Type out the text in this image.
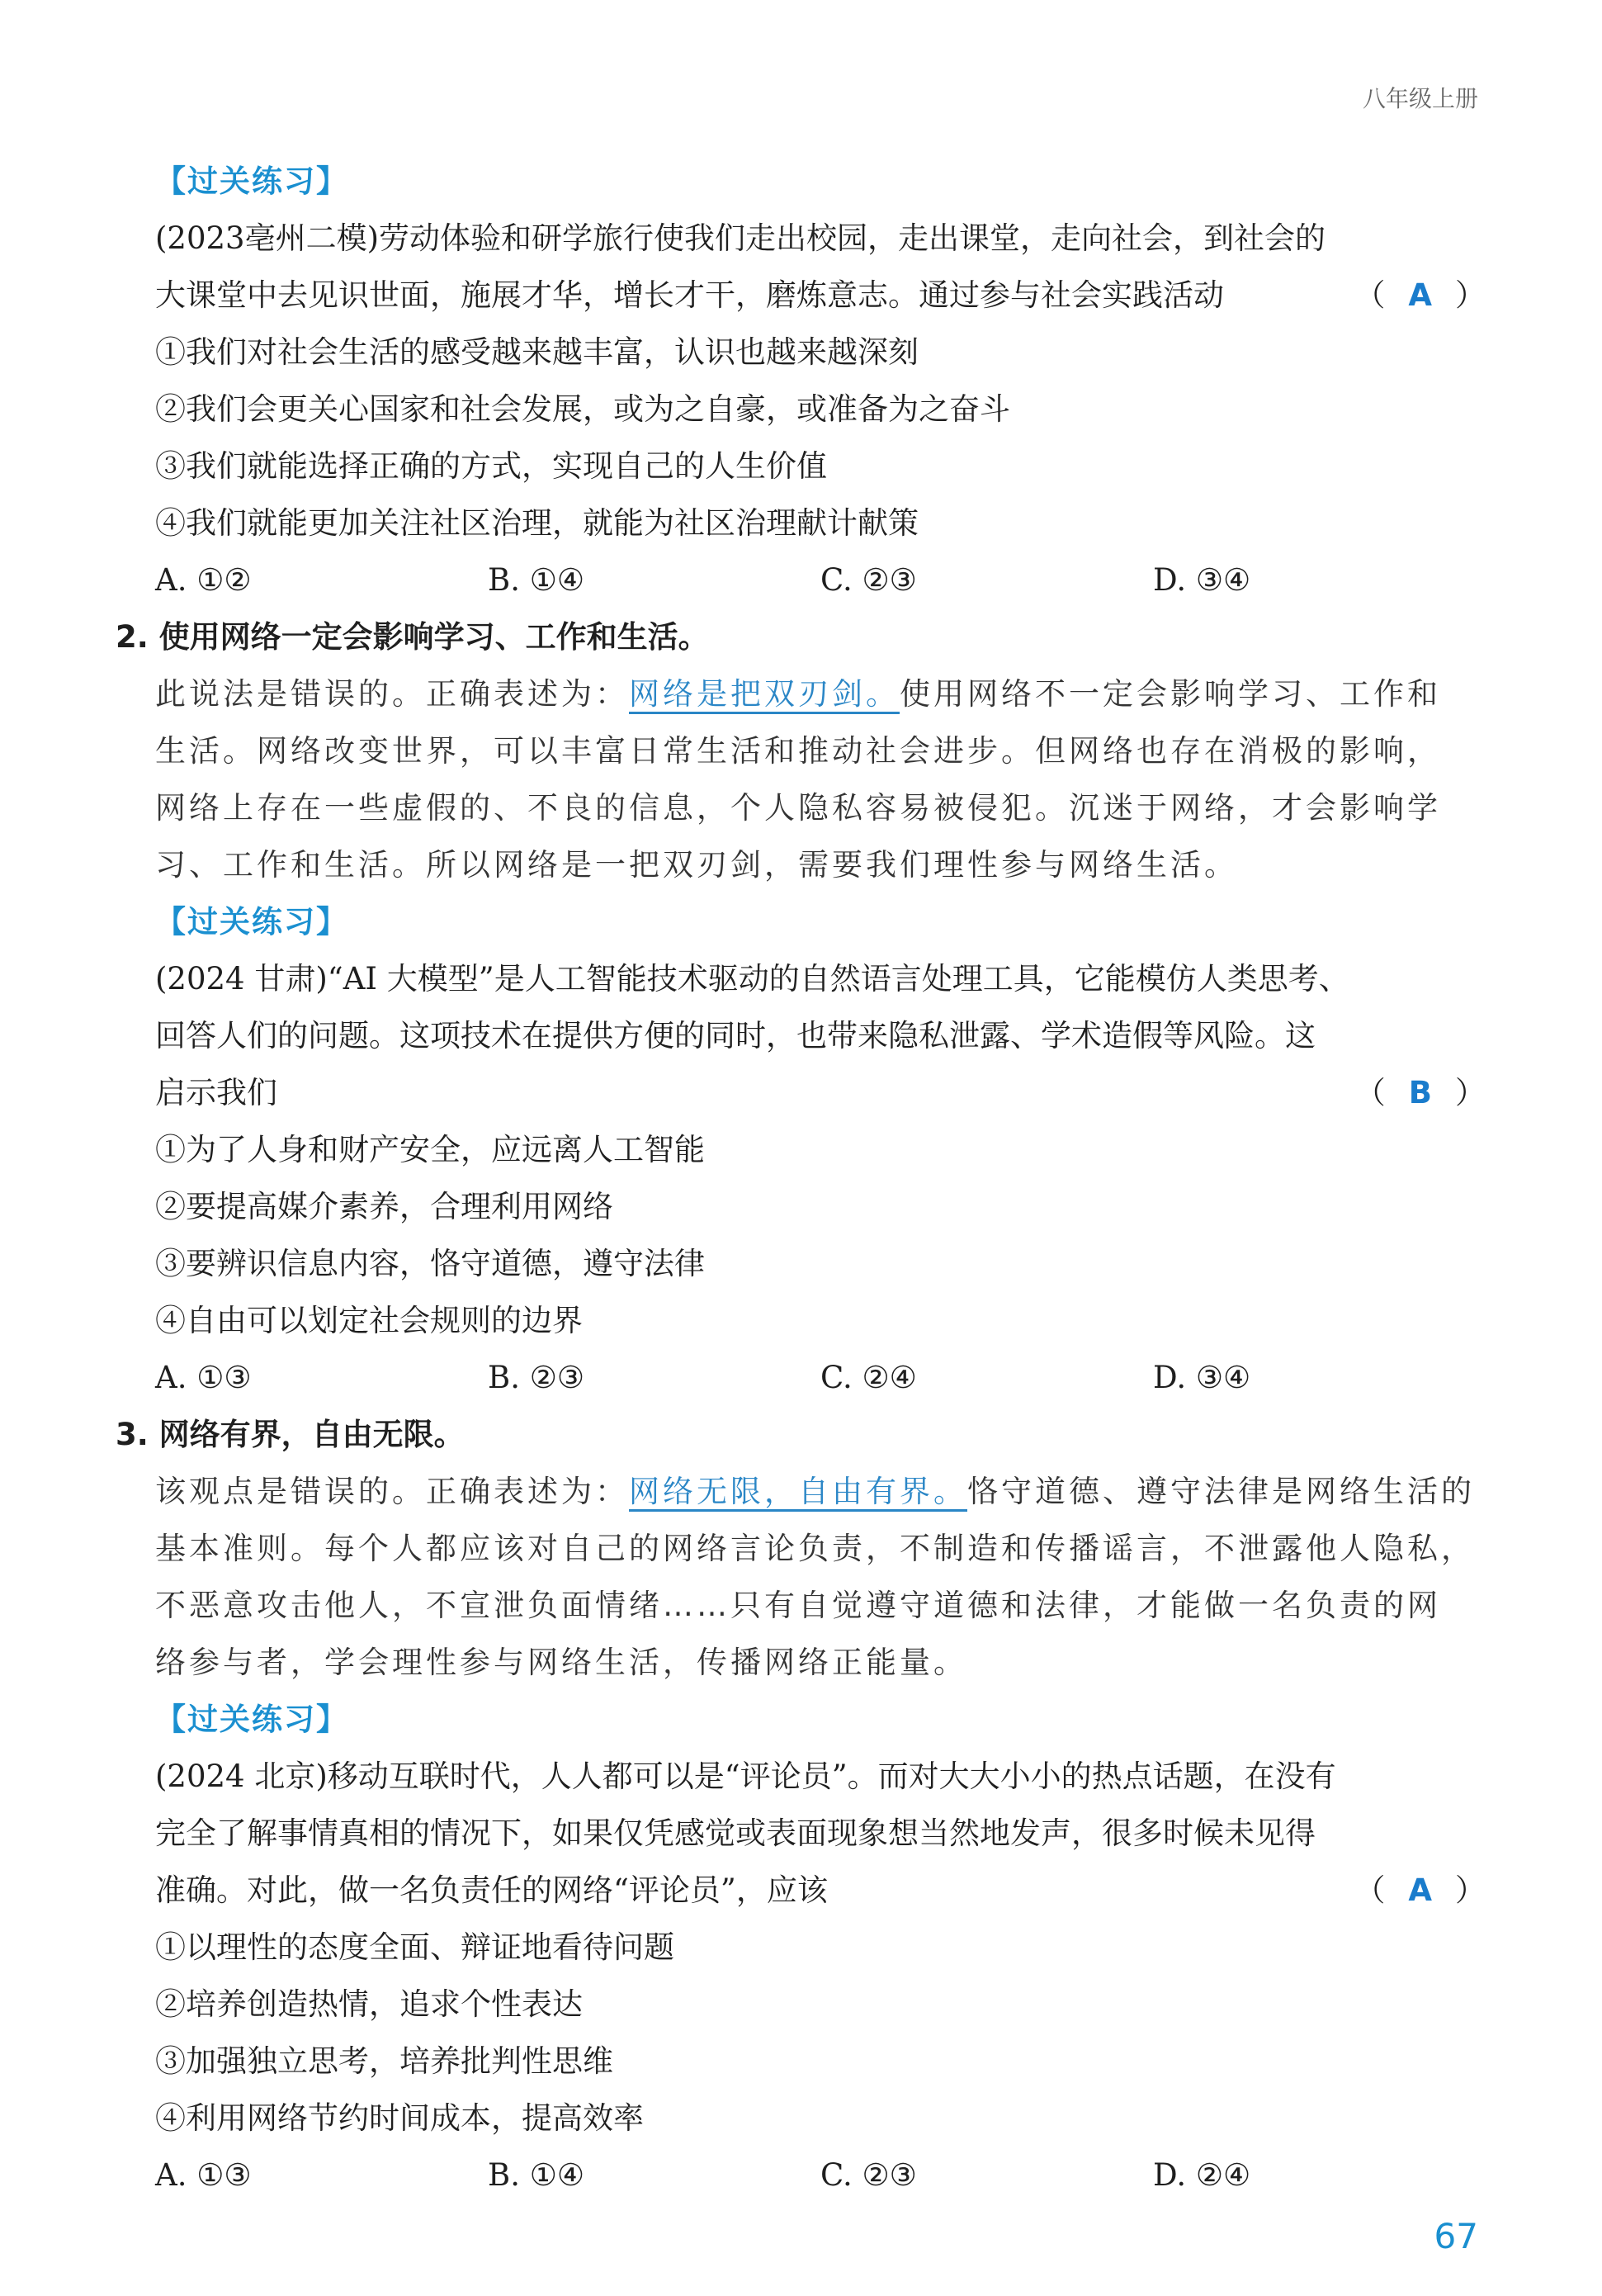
八年级上册
【过关练习】
(2023亳州二模)劳动体验和研学旅行使我们走出校园，走出课堂，走向社会，到社会的
大课堂中去见识世面，施展才华，增长才干，磨炼意志。通过参与社会实践活动	（ A ）
①我们对社会生活的感受越来越丰富，认识也越来越深刻
②我们会更关心国家和社会发展，或为之自豪，或准备为之奋斗
③我们就能选择正确的方式，实现自己的人生价值
④我们就能更加关注社区治理，就能为社区治理献计献策
A. ①②	B. ①④	C. ②③	D. ③④
2. 使用网络一定会影响学习、工作和生活。
此说法是错误的。正确表述为：网络是把双刃剑。使用网络不一定会影响学习、工作和
生活。网络改变世界，可以丰富日常生活和推动社会进步。但网络也存在消极的影响，
网络上存在一些虚假的、不良的信息，个人隐私容易被侵犯。沉迷于网络，才会影响学
习、工作和生活。所以网络是一把双刃剑，需要我们理性参与网络生活。
【过关练习】
(2024 甘肃)“AI 大模型”是人工智能技术驱动的自然语言处理工具，它能模仿人类思考、
回答人们的问题。这项技术在提供方便的同时，也带来隐私泄露、学术造假等风险。这
启示我们	（ B ）
①为了人身和财产安全，应远离人工智能
②要提高媒介素养，合理利用网络
③要辨识信息内容，恪守道德，遵守法律
④自由可以划定社会规则的边界
A. ①③	B. ②③	C. ②④	D. ③④
3. 网络有界，自由无限。
该观点是错误的。正确表述为：网络无限，自由有界。恪守道德、遵守法律是网络生活的
基本准则。每个人都应该对自己的网络言论负责，不制造和传播谣言，不泄露他人隐私，
不恶意攻击他人，不宣泄负面情绪……只有自觉遵守道德和法律，才能做一名负责的网
络参与者，学会理性参与网络生活，传播网络正能量。
【过关练习】
(2024 北京)移动互联时代，人人都可以是“评论员”。而对大大小小的热点话题，在没有
完全了解事情真相的情况下，如果仅凭感觉或表面现象想当然地发声，很多时候未见得
准确。对此，做一名负责任的网络“评论员”，应该	（ A ）
①以理性的态度全面、辩证地看待问题
②培养创造热情，追求个性表达
③加强独立思考，培养批判性思维
④利用网络节约时间成本，提高效率
A. ①③	B. ①④	C. ②③	D. ②④
67
